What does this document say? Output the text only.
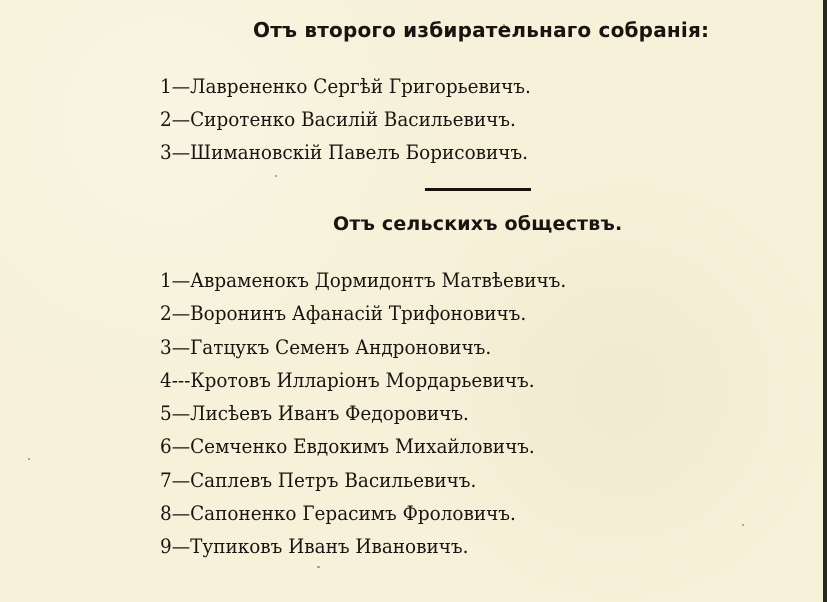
Отъ второго избирательнаго собранія:
1—Лаврененко Сергѣй Григорьевичъ.
2—Сиротенко Василій Васильевичъ.
3—Шимановскій Павелъ Борисовичъ.
Отъ сельскихъ обществъ.
1—Авраменокъ Дормидонтъ Матвѣевичъ.
2—Воронинъ Афанасій Трифоновичъ.
3—Гатцукъ Семенъ Андроновичъ.
4---Кротовъ Илларіонъ Мордарьевичъ.
5—Лисѣевъ Иванъ Федоровичъ.
6—Семченко Евдокимъ Михайловичъ.
7—Саплевъ Петръ Васильевичъ.
8—Сапоненко Герасимъ Фроловичъ.
9—Тупиковъ Иванъ Ивановичъ.
